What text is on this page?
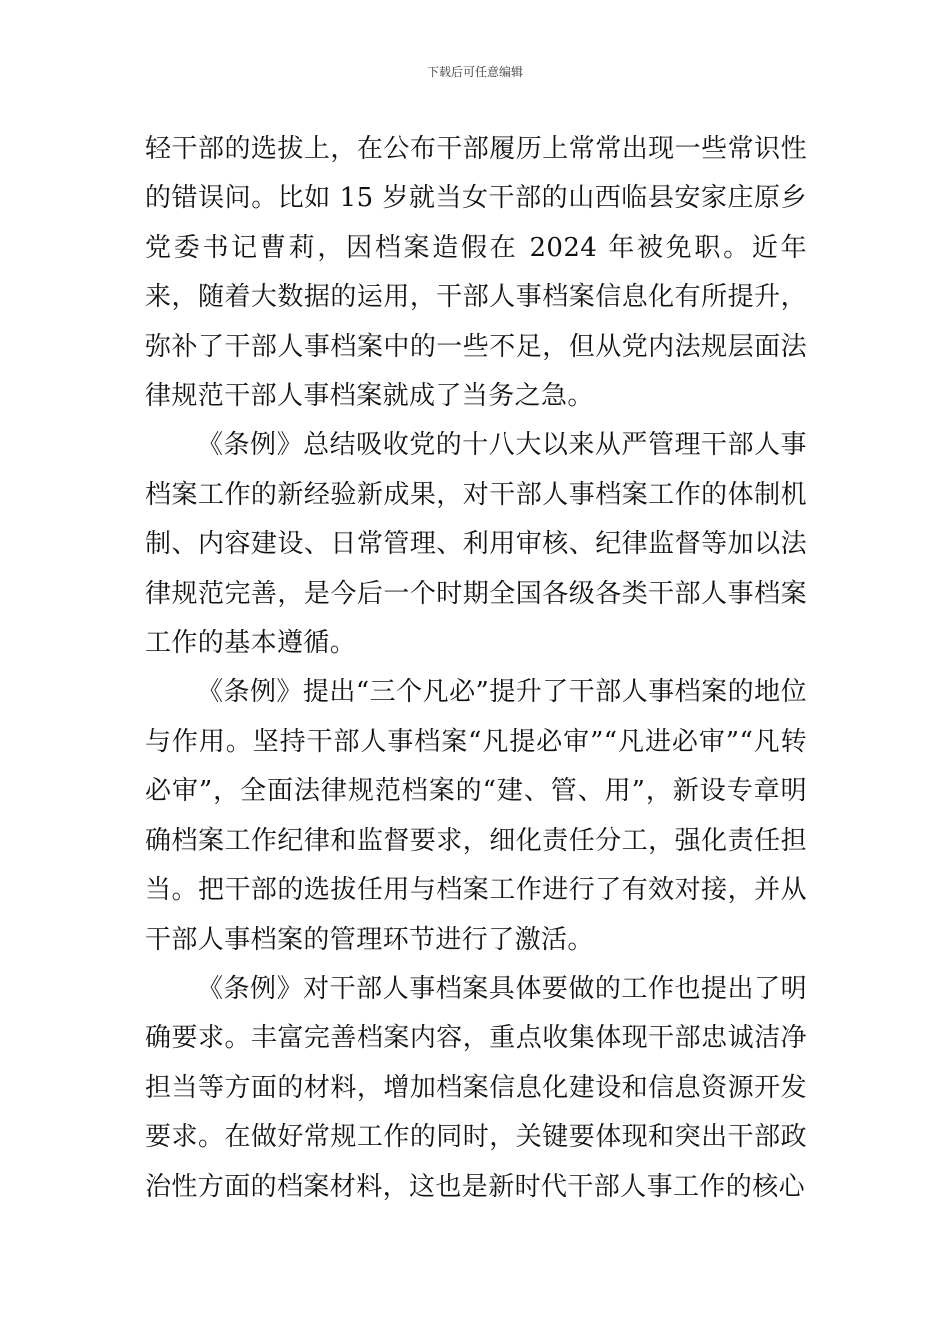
下载后可任意编辑

轻干部的选拔上，在公布干部履历上常常出现一些常识性的错误问。比如 15 岁就当女干部的山西临县安家庄原乡党委书记曹莉，因档案造假在 2024 年被免职。近年来，随着大数据的运用，干部人事档案信息化有所提升，弥补了干部人事档案中的一些不足，但从党内法规层面法律规范干部人事档案就成了当务之急。

《条例》总结吸收党的十八大以来从严管理干部人事档案工作的新经验新成果，对干部人事档案工作的体制机制、内容建设、日常管理、利用审核、纪律监督等加以法律规范完善，是今后一个时期全国各级各类干部人事档案工作的基本遵循。

《条例》提出“三个凡必”提升了干部人事档案的地位与作用。坚持干部人事档案“凡提必审”“凡进必审”“凡转必审”，全面法律规范档案的“建、管、用”，新设专章明确档案工作纪律和监督要求，细化责任分工，强化责任担当。把干部的选拔任用与档案工作进行了有效对接，并从干部人事档案的管理环节进行了激活。

《条例》对干部人事档案具体要做的工作也提出了明确要求。丰富完善档案内容，重点收集体现干部忠诚洁净担当等方面的材料，增加档案信息化建设和信息资源开发要求。在做好常规工作的同时，关键要体现和突出干部政治性方面的档案材料，这也是新时代干部人事工作的核心
